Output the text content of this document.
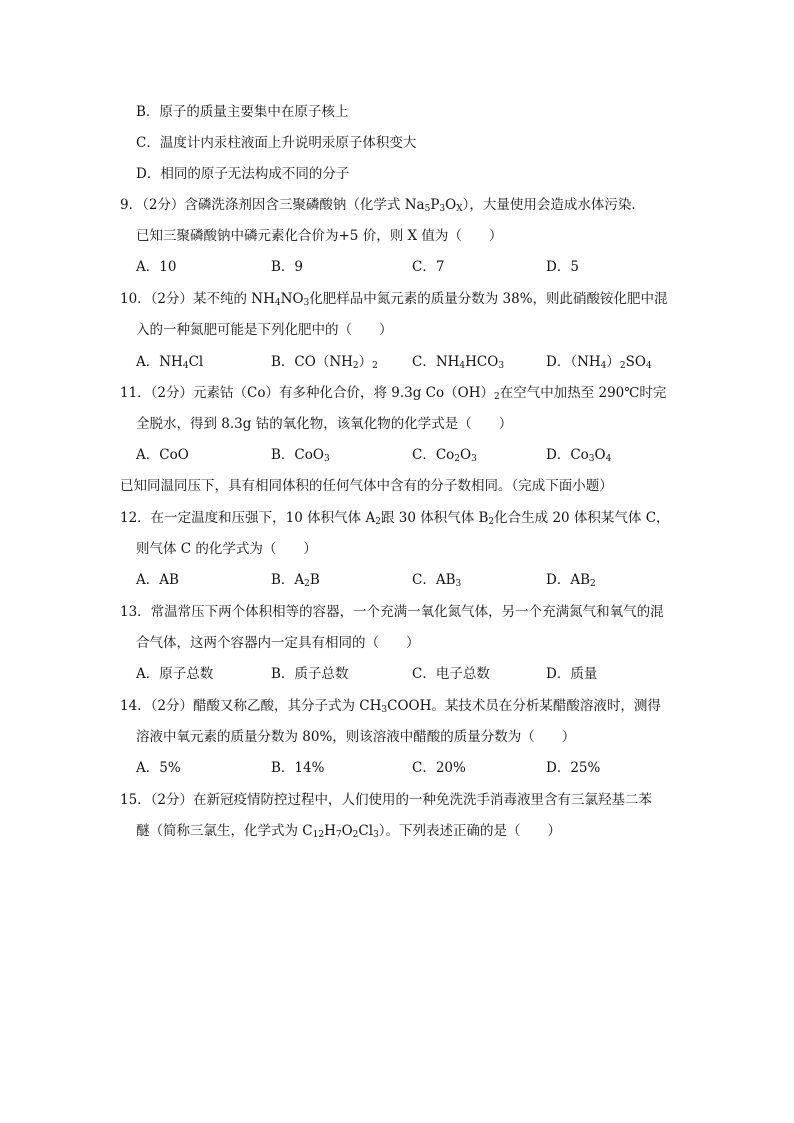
B．原子的质量主要集中在原子核上
C．温度计内汞柱液面上升说明汞原子体积变大
D．相同的原子无法构成不同的分子
9．（2分）含磷洗涤剂因含三聚磷酸钠（化学式 $Na_5P_3O_X$），大量使用会造成水体污染．
已知三聚磷酸钠中磷元素化合价为+5 价，则 X 值为（　　）
A．10	B．9	C．7	D．5
10．（2分）某不纯的 $NH_4NO_3$化肥样品中氮元素的质量分数为 38%，则此硝酸铵化肥中混
入的一种氮肥可能是下列化肥中的（　　）
A．$NH_4Cl$	B．$CO(NH_2)_2$	C．$NH_4HCO_3$	D．$(NH_4)_2SO_4$
11．（2分）元素钴（Co）有多种化合价，将 9.3g $Co(OH)_2$在空气中加热至 290℃时完
全脱水，得到 8.3g 钴的氧化物，该氧化物的化学式是（　　）
A．CoO	B．CoO$_3$	C．$Co_2O_3$	D．$Co_3O_4$
已知同温同压下，具有相同体积的任何气体中含有的分子数相同。（完成下面小题）
12．在一定温度和压强下，10 体积气体 $A_2$跟 30 体积气体 $B_2$化合生成 20 体积某气体 C，
则气体 C 的化学式为（　　）
A．AB	B．$A_2B$	C．$AB_3$	D．$AB_2$
13．常温常压下两个体积相等的容器，一个充满一氧化氮气体，另一个充满氮气和氧气的混
合气体，这两个容器内一定具有相同的（　　）
A．原子总数	B．质子总数	C．电子总数	D．质量
14．（2分）醋酸又称乙酸，其分子式为 $CH_3COOH$。某技术员在分析某醋酸溶液时，测得
溶液中氧元素的质量分数为 80%，则该溶液中醋酸的质量分数为（　　）
A．5%	B．14%	C．20%	D．25%
15．（2分）在新冠疫情防控过程中，人们使用的一种免洗洗手消毒液里含有三氯羟基二苯
醚（简称三氯生，化学式为 $C_{12}H_7O_2Cl_3$）。下列表述正确的是（　　）
